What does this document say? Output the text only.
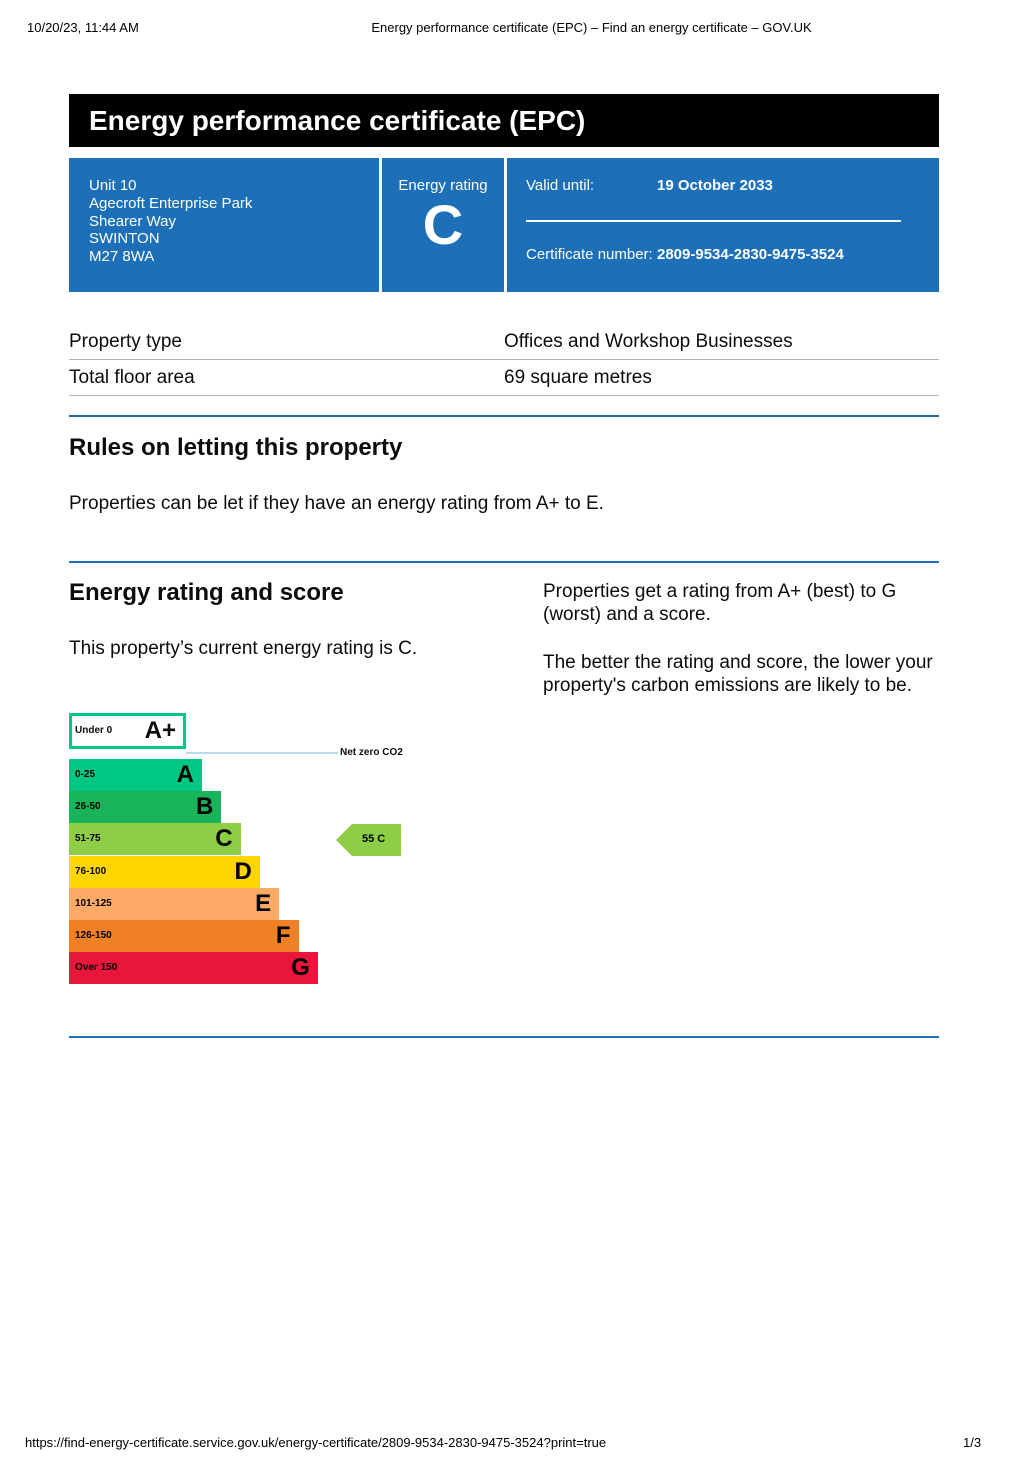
10/20/23, 11:44 AM	Energy performance certificate (EPC) – Find an energy certificate – GOV.UK
Energy performance certificate (EPC)
Unit 10
Agecroft Enterprise Park
Shearer Way
SWINTON
M27 8WA
Energy rating
C
Valid until:	19 October 2033
Certificate number: 2809-9534-2830-9475-3524
Property type	Offices and Workshop Businesses
Total floor area	69 square metres
Rules on letting this property
Properties can be let if they have an energy rating from A+ to E.
Energy rating and score
This property’s current energy rating is C.

Properties get a rating from A+ (best) to G (worst) and a score.

The better the rating and score, the lower your property's carbon emissions are likely to be.

Under 0 A+
Net zero CO2
0-25	A
26-50	B
51-75	C
76-100	D
101-125	E
126-150	F
Over 150	G
55 C
https://find-energy-certificate.service.gov.uk/energy-certificate/2809-9534-2830-9475-3524?print=true	1/3
